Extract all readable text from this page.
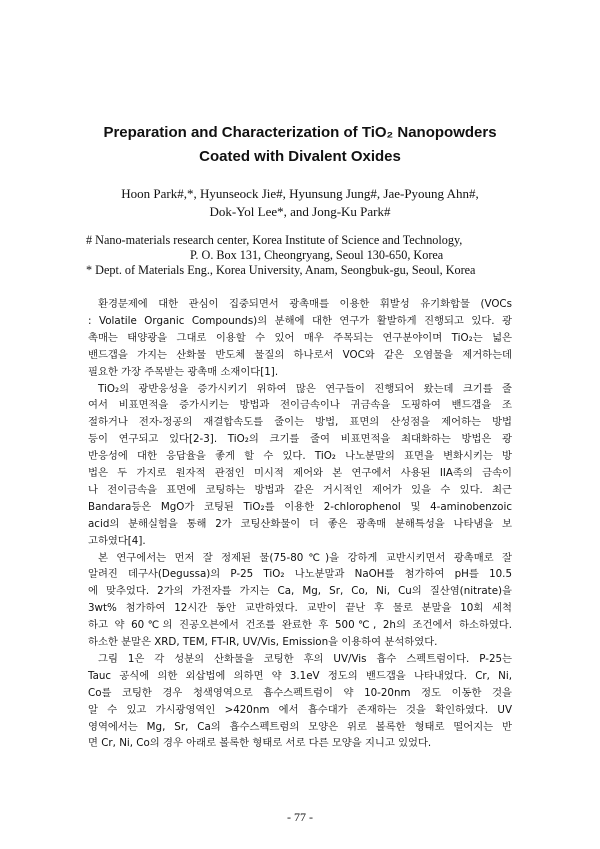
Preparation and Characterization of TiO₂ Nanopowders
Coated with Divalent Oxides
Hoon Park#,*, Hyunseock Jie#, Hyunsung Jung#, Jae-Pyoung Ahn#,
Dok-Yol Lee*, and Jong-Ku Park#
# Nano-materials research center, Korea Institute of Science and Technology,
P. O. Box 131, Cheongryang, Seoul 130-650, Korea
* Dept. of Materials Eng., Korea University, Anam, Seongbuk-gu, Seoul, Korea
환경문제에 대한 관심이 집중되면서 광촉매를 이용한 휘발성 유기화합물 (VOCs
: Volatile Organic Compounds)의 분해에 대한 연구가 활발하게 진행되고 있다. 광
촉매는 태양광을 그대로 이용할 수 있어 매우 주목되는 연구분야이며 TiO₂는 넓은
밴드갭을 가지는 산화물 반도체 물질의 하나로서 VOC와 같은 오염물을 제거하는데
필요한 가장 주목받는 광촉매 소재이다[1].
TiO₂의 광반응성을 증가시키기 위하여 많은 연구들이 진행되어 왔는데 크기를 줄
여서 비표면적을 증가시키는 방법과 전이금속이나 귀금속을 도핑하여 밴드갭을 조
절하거나 전자-정공의 재결합속도를 줄이는 방법, 표면의 산성점을 제어하는 방법
등이 연구되고 있다[2-3]. TiO₂의 크기를 줄여 비표면적을 최대화하는 방법은 광
반응성에 대한 응답율을 좋게 할 수 있다. TiO₂ 나노분말의 표면을 변화시키는 방
법은 두 가지로 원자적 관점인 미시적 제어와 본 연구에서 사용된 IIA족의 금속이
나 전이금속을 표면에 코팅하는 방법과 같은 거시적인 제어가 있을 수 있다. 최근
Bandara등은 MgO가 코팅된 TiO₂를 이용한 2-chlorophenol 및 4-aminobenzoic
acid의 분해실험을 통해 2가 코팅산화물이 더 좋은 광촉매 분해특성을 나타냄을 보
고하였다[4].
본 연구에서는 먼저 잘 정제된 물(75-80℃)을 강하게 교반시키면서 광촉매로 잘
알려진 데구사(Degussa)의 P-25 TiO₂ 나노분말과 NaOH를 첨가하여 pH를 10.5
에 맞추었다. 2가의 가전자를 가지는 Ca, Mg, Sr, Co, Ni, Cu의 질산염(nitrate)을
3wt% 첨가하여 12시간 동안 교반하였다. 교반이 끝난 후 물로 분말을 10회 세척
하고 약 60℃의 진공오븐에서 건조를 완료한 후 500℃, 2h의 조건에서 하소하였다.
하소한 분말은 XRD, TEM, FT-IR, UV/Vis, Emission을 이용하여 분석하였다.
그림 1은 각 성분의 산화물을 코팅한 후의 UV/Vis 흡수 스펙트럼이다. P-25는
Tauc 공식에 의한 외삽법에 의하면 약 3.1eV 정도의 밴드갭을 나타내었다. Cr, Ni,
Co를 코팅한 경우 청색영역으로 흡수스펙트럼이 약 10-20nm 정도 이동한 것을
알 수 있고 가시광영역인 >420nm 에서 흡수대가 존재하는 것을 확인하였다. UV
영역에서는 Mg, Sr, Ca의 흡수스펙트럼의 모양은 위로 볼록한 형태로 떨어지는 반
면 Cr, Ni, Co의 경우 아래로 볼록한 형태로 서로 다른 모양을 지니고 있었다.
- 77 -
